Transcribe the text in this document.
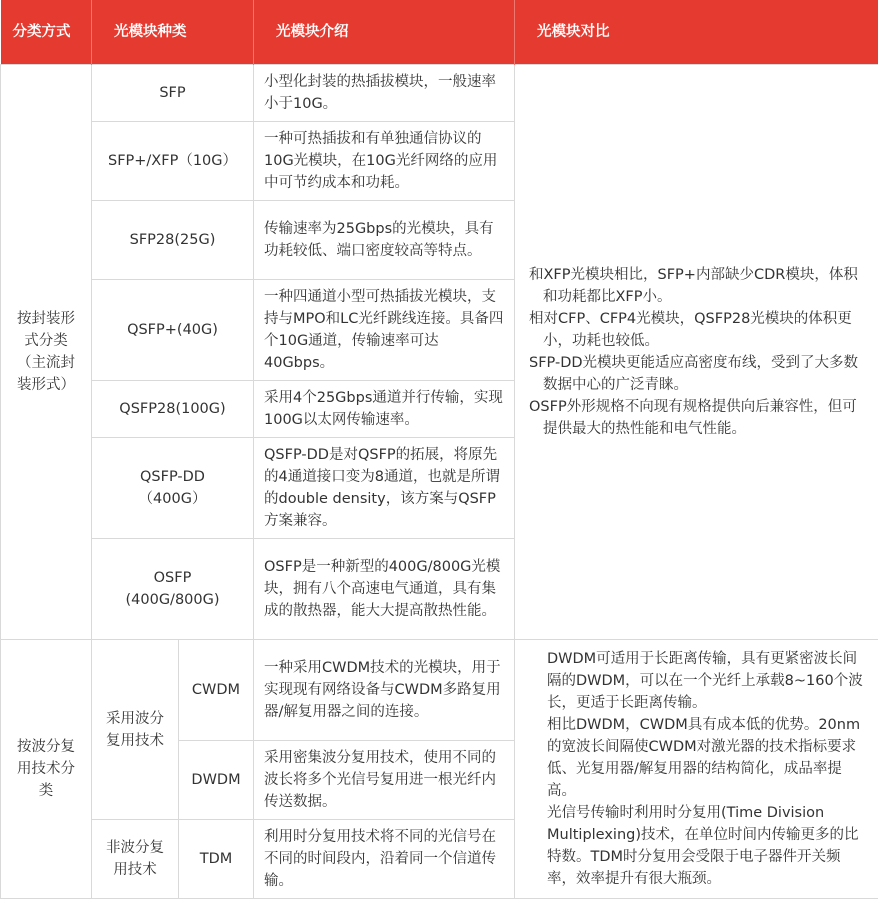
分类方式	光模块种类		光模块介绍	光模块对比
按封装形式分类（主流封装形式）	SFP		小型化封装的热插拔模块，一般速率小于10G。	和XFP光模块相比，SFP+内部缺少CDR模块，体积和功耗都比XFP小。

相对CFP、CFP4光模块，QSFP28光模块的体积更小，功耗也较低。

SFP-DD光模块更能适应高密度布线，受到了大多数数据中心的广泛青睐。

OSFP外形规格不向现有规格提供向后兼容性，但可提供最大的热性能和电气性能。

	SFP+/XFP（10G）		一种可热插拔和有单独通信协议的10G光模块，在10G光纤网络的应用中可节约成本和功耗。	
	SFP28(25G)		传输速率为25Gbps的光模块，具有功耗较低、端口密度较高等特点。	
	QSFP+(40G)		一种四通道小型可热插拔光模块，支持与MPO和LC光纤跳线连接。具备四个10G通道，传输速率可达40Gbps。	
	QSFP28(100G)		采用4个25Gbps通道并行传输，实现100G以太网传输速率。	
	QSFP-DD（400G）		QSFP-DD是对QSFP的拓展，将原先的4通道接口变为8通道，也就是所谓的double density，该方案与QSFP方案兼容。	
	OSFP (400G/800G)		OSFP是一种新型的400G/800G光模块，拥有八个高速电气通道，具有集成的散热器，能大大提高散热性能。	
按波分复用技术分类	采用波分复用技术	CWDM	一种采用CWDM技术的光模块，用于实现现有网络设备与CWDM多路复用器/解复用器之间的连接。	DWDM可适用于长距离传输，具有更紧密波长间隔的DWDM，可以在一个光纤上承载8~160个波长，更适于长距离传输。

相比DWDM，CWDM具有成本低的优势。20nm的宽波长间隔使CWDM对激光器的技术指标要求低、光复用器/解复用器的结构简化，成品率提高。

光信号传输时利用时分复用(Time Division Multiplexing)技术，在单位时间内传输更多的比特数。TDM时分复用会受限于电子器件开关频率，效率提升有很大瓶颈。

		DWDM	采用密集波分复用技术，使用不同的波长将多个光信号复用进一根光纤内传送数据。	
	非波分复用技术	TDM	利用时分复用技术将不同的光信号在不同的时间段内，沿着同一个信道传输。	
